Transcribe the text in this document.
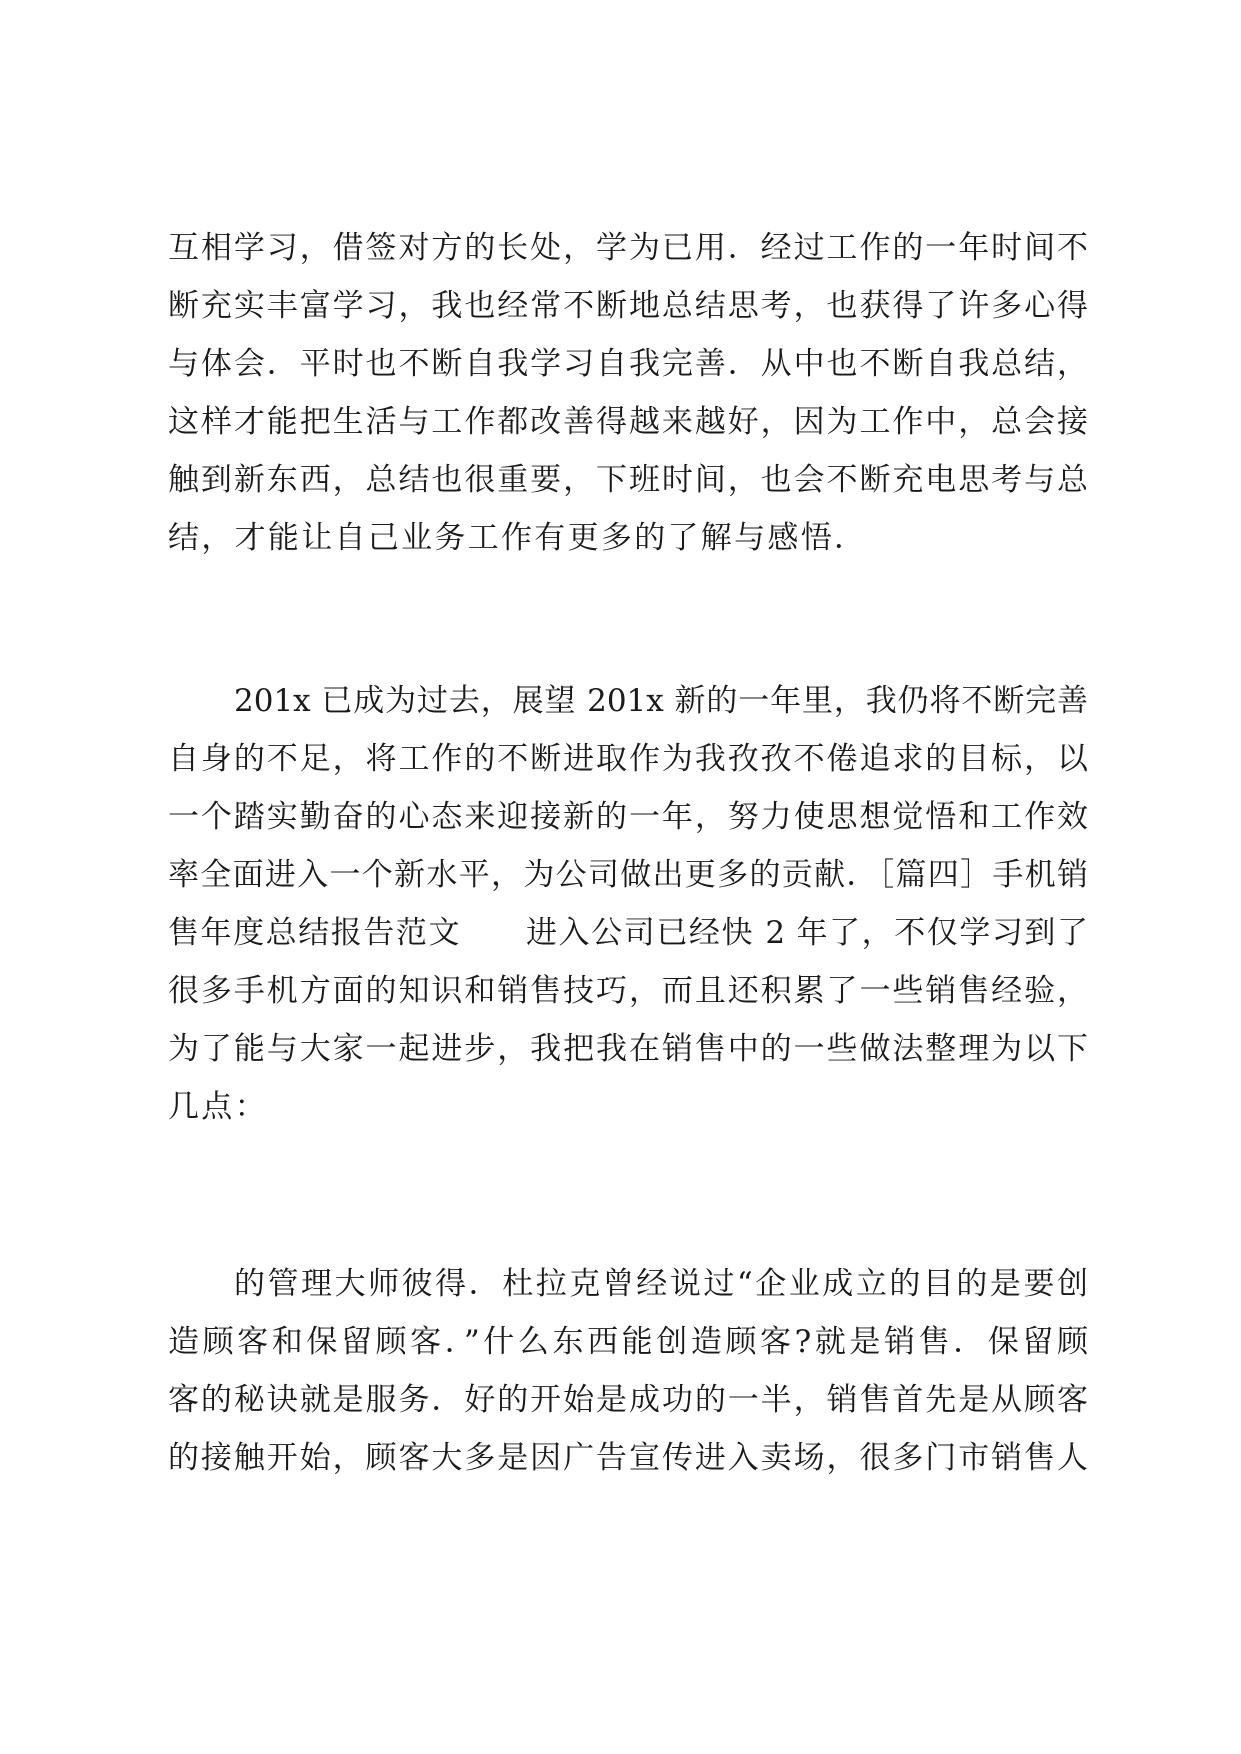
互相学习，借签对方的长处，学为已用．经过工作的一年时间不
断充实丰富学习，我也经常不断地总结思考，也获得了许多心得
与体会．平时也不断自我学习自我完善．从中也不断自我总结，
这样才能把生活与工作都改善得越来越好，因为工作中，总会接
触到新东西，总结也很重要，下班时间，也会不断充电思考与总
结，才能让自己业务工作有更多的了解与感悟．
201x 已成为过去，展望 201x 新的一年里，我仍将不断完善
自身的不足，将工作的不断进取作为我孜孜不倦追求的目标，以
一个踏实勤奋的心态来迎接新的一年，努力使思想觉悟和工作效
率全面进入一个新水平，为公司做出更多的贡献．［篇四］手机销
售年度总结报告范文　　进入公司已经快 2 年了，不仅学习到了
很多手机方面的知识和销售技巧，而且还积累了一些销售经验，
为了能与大家一起进步，我把我在销售中的一些做法整理为以下
几点：
的管理大师彼得．杜拉克曾经说过“企业成立的目的是要创
造顾客和保留顾客．”什么东西能创造顾客?就是销售．保留顾
客的秘诀就是服务．好的开始是成功的一半，销售首先是从顾客
的接触开始，顾客大多是因广告宣传进入卖场，很多门市销售人
